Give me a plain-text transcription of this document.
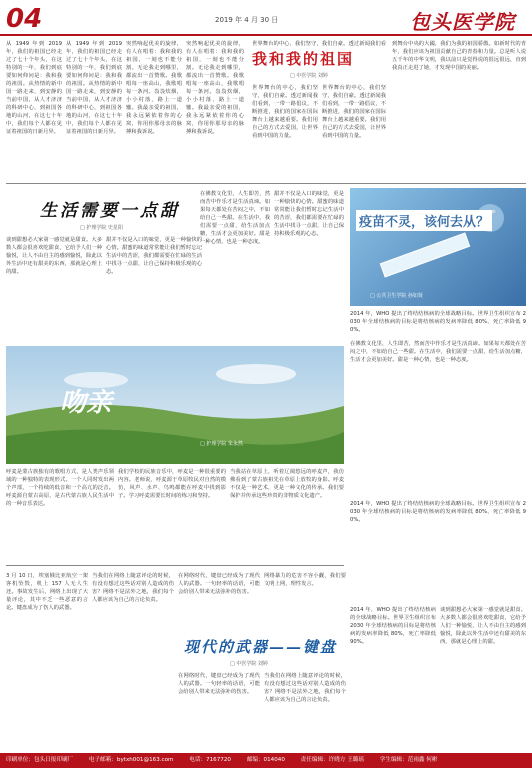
04	2019 年 4 月 30 日	包头医学院
从 1949 年到 2019 年，我们的祖国已经走过了七十个年头，在这特别的一年，我们到底要如何仰问是：我和我的祖国。从热情的新中国一路走来，到安静的当前中国，从人才济济的科研中心，到祖国各地的山河，在这七十年中，我们每个人都在见证着祖国的日新月异。
从 1949 年到 2019 年，我们的祖国已经走过了七十个年头，在这特别的一年，我们到底要如何仰问是：我和我的祖国。从热情的新中国一路走来，到安静的当前中国，从人才济济的科研中心，到祖国各地的山河，在这七十年中，我们每个人都在见证着祖国的日新月异。
突然响起优美的旋律，有人在唱着：我和我的祖国，一刻也不能分割。无论我走到哪里，都流出一首赞歌。我歌唱每一座高山，我歌唱每一条河。袅袅炊烟，小小村落，路上一道辙。我最亲爱的祖国，我永远紧依着你的心窝，你用你那母亲的脉搏和我诉说。
突然响起优美的旋律，有人在唱着：我和我的祖国，一刻也不能分割。无论我走到哪里，都流出一首赞歌。我歌唱每一座高山，我歌唱每一条河。袅袅炊烟，小小村落，路上一道辙。我最亲爱的祖国，我永远紧依着你的心窝，你用你那母亲的脉搏和我诉说。
我和我的祖国
□ 中医学院 刘婷
世界舞台的中心，我们坚守，我们自豪。透过新闻我们看到，一带一路倡议，不断推进，我们的国家在国际舞台上越来越重要。我们用自己的方式去爱国，让世界看到中国的力量。
世界舞台的中心，我们坚守，我们自豪。透过新闻我们看到，一带一路倡议，不断推进，我们的国家在国际舞台上越来越重要。我们用自己的方式去爱国，让世界看到中国的力量。
世界舞台的中心，我们坚守，我们自豪。透过新闻我们看 到舞台中央的大國，我们为我的祖国骄傲。如新时代的青年，我们应该为祖国贡献自己的青春和力量。总是听人说五千年的中华文明，我以前只是觉得说的很远很远，直到我真正走进了她，才发现中国的美丽。
生活需要一点甜
□ 护理学院 史星阳
谈到甜想必大家第一感觉就是甜食。大多数人都会很喜欢吃甜食，它给予人们一种愉悦，让人不由自主的感到愉悦，除此以外生活中还有甜美的东西，那就是心理上的甜。
甜并不仅是入口的味觉，更是一种愉快的心情。甜蜜的味道常常能让我们暂时忘记生活中的苦涩，我们都需要在忙碌的生活中找寻一点甜，让自己保持积极乐观的心态。
在佛教文化里，人生即苦，然而苦中作乐才是生活真谛。如果每天都处在苦闷之中，不如给自己一些甜。在生活中，我们需要一点甜，给生活加点糖，生活才会更加美好。甜是一种心情，也是一种态度。
甜并不仅是入口的味觉，更是一种愉快的心情。甜蜜的味道常常能让我们暂时忘记生活中的苦涩，我们都需要在忙碌的生活中找寻一点甜，让自己保持积极乐观的心态。
疫苗不灵，该何去从？
□ 公共卫生学院 孙如贤
2014 年，WHO 提出了终结结核病的全球战略目标。世界卫生组织宣布 2030 年全球结核病的目标是将结核病的发病率降低 80%，死亡率降低 90%。
在佛教文化里，人生即苦，然而苦中作乐才是生活真谛。如果每天都处在苦闷之中，不如给自己一些甜。在生活中，我们需要一点甜，给生活加点糖，生活才会更加美好。甜是一种心情，也是一种态度。
吻亲
□ 护理学院 朱永然
呼麦是蒙古族独有的歌唱方式，是人类声乐领域的一种独特的表现形式。一个人同时发出两个声部，一个持续的低音和一个高亢的泛音。呼麦源自蒙古高原，是古代蒙古族人民生活中的一种音乐表达。
我们学校的民族音乐中，呼麦是一种很重要的内容。老师说，呼麦源于草原牧民对自然的模仿，风声、水声、鸟鸣都能在呼麦中找到影子。学习呼麦需要长时间的练习和坚持。
当我站在草原上，听着辽阔悠远的呼麦声，我仿佛看到了蒙古族祖先在草原上放牧的身影。呼麦不仅是一种艺术，更是一种文化的传承。我们要保护并传承这些珍贵的非物质文化遗产。
2014 年，WHO 提出了终结结核病的全球战略目标。世界卫生组织宣布 2030 年全球结核病的目标是将结核病的发病率降低 80%，死亡率降低 90%。
3 月 10 日，埃塞俄比亚航空一架客机坠毁，机上 157 人无人生还。事故发生后，网络上出现了大量评论，其中不乏一些恶意的言论。键盘成为了伤人的武器。
当我们在网络上随意评论的时候，有没有想过这些话对别人造成的伤害？网络不是法外之地，我们每个人都应该为自己的言论负责。
在网络时代，键盘已经成为了现代人的武器。一句轻率的话语，可能会给别人带来无法弥补的伤害。
网络暴力的危害不容小觑，我们要文明上网，理性发言。
现代的武器——键盘
□ 中医学院 刘婷
在网络时代，键盘已经成为了现代人的武器。一句轻率的话语，可能会给别人带来无法弥补的伤害。
当我们在网络上随意评论的时候，有没有想过这些话对别人造成的伤害？网络不是法外之地，我们每个人都应该为自己的言论负责。
2014 年，WHO 提出了终结结核病的全球战略目标。世界卫生组织宣布 2030 年全球结核病的目标是将结核病的发病率降低 80%，死亡率降低 90%。
谈到甜想必大家第一感觉就是甜食。大多数人都会很喜欢吃甜食，它给予人们一种愉悦，让人不由自主的感到愉悦，除此以外生活中还有甜美的东西，那就是心理上的甜。
印刷单位：包头日报印刷厂	电子邮箱：bytxh001@163.com	电话：7167720	邮编：014040	责任编辑：许晓方 王璐瑶	学生编辑：范雨鑫 何彬
